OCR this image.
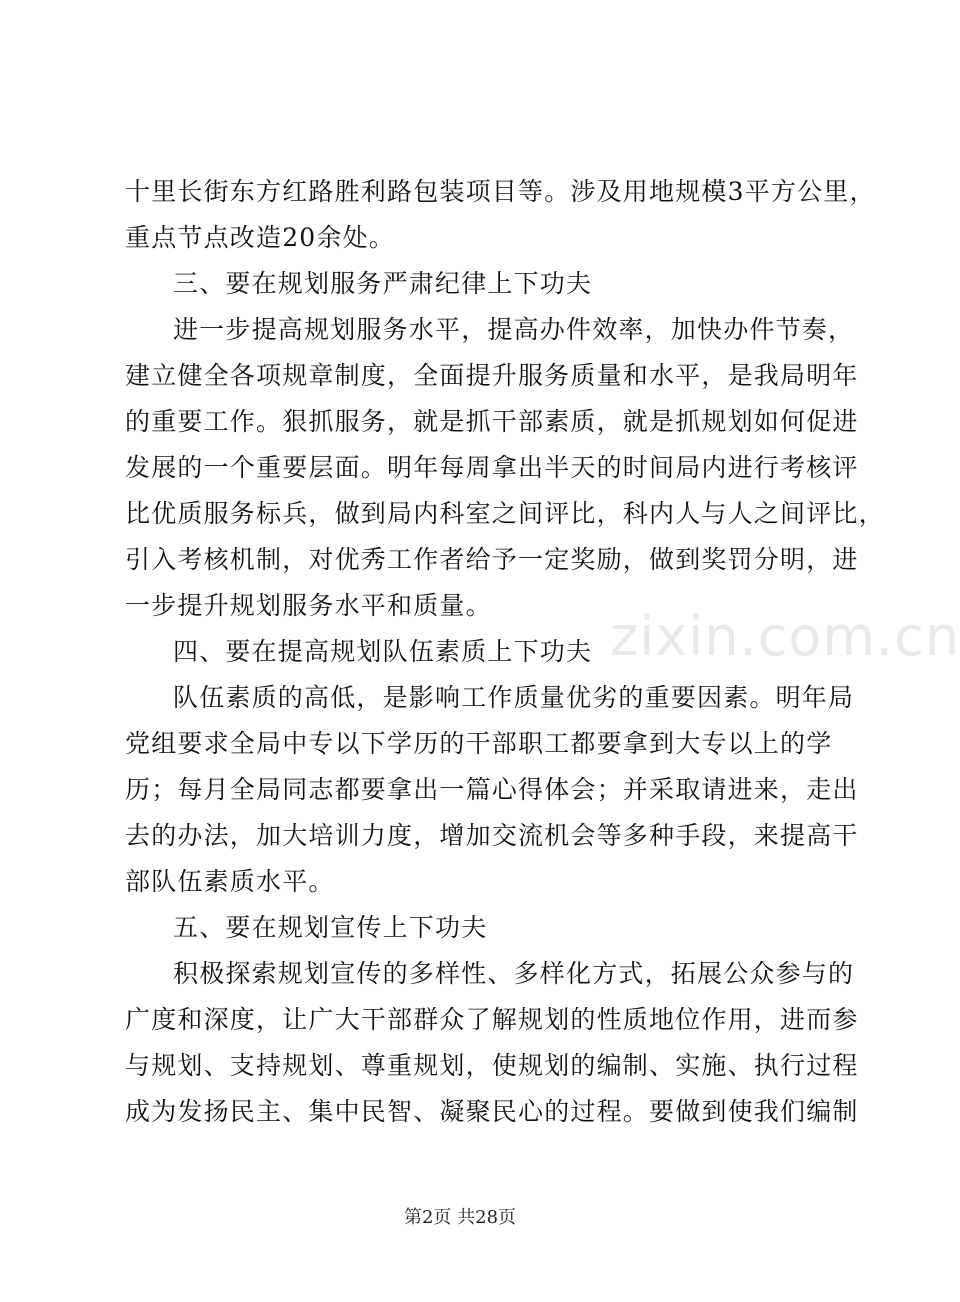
十里长街东方红路胜利路包装项目等。涉及用地规模3平方公里，
重点节点改造20余处。
三、要在规划服务严肃纪律上下功夫
进一步提高规划服务水平，提高办件效率，加快办件节奏，
建立健全各项规章制度，全面提升服务质量和水平，是我局明年
的重要工作。狠抓服务，就是抓干部素质，就是抓规划如何促进
发展的一个重要层面。明年每周拿出半天的时间局内进行考核评
比优质服务标兵，做到局内科室之间评比，科内人与人之间评比，
引入考核机制，对优秀工作者给予一定奖励，做到奖罚分明，进
一步提升规划服务水平和质量。
四、要在提高规划队伍素质上下功夫
队伍素质的高低，是影响工作质量优劣的重要因素。明年局
党组要求全局中专以下学历的干部职工都要拿到大专以上的学
历；每月全局同志都要拿出一篇心得体会；并采取请进来，走出
去的办法，加大培训力度，增加交流机会等多种手段，来提高干
部队伍素质水平。
五、要在规划宣传上下功夫
积极探索规划宣传的多样性、多样化方式，拓展公众参与的
广度和深度，让广大干部群众了解规划的性质地位作用，进而参
与规划、支持规划、尊重规划，使规划的编制、实施、执行过程
成为发扬民主、集中民智、凝聚民心的过程。要做到使我们编制
zixin.com.cn
第2页 共28页
